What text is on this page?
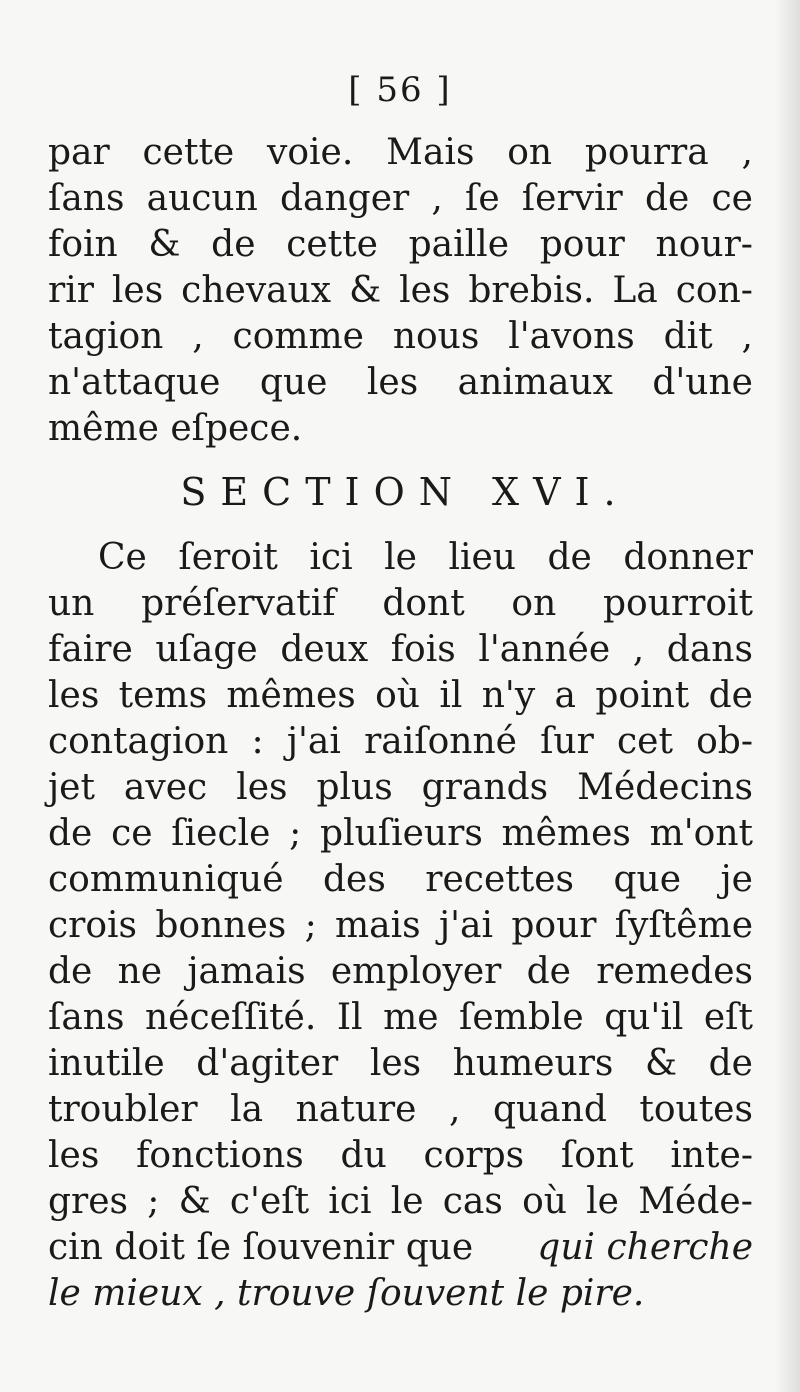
[ 56 ]
par cette voie. Mais on pourra ,
ſans aucun danger , ſe ſervir de ce
foin & de cette paille pour nour-
rir les chevaux & les brebis. La con-
tagion , comme nous l'avons dit ,
n'attaque que les animaux d'une
même eſpece.
SECTION XVI.
Ce ſeroit ici le lieu de donner
un préſervatif dont on pourroit
faire uſage deux fois l'année , dans
les tems mêmes où il n'y a point de
contagion : j'ai raiſonné ſur cet ob-
jet avec les plus grands Médecins
de ce ſiecle ; pluſieurs mêmes m'ont
communiqué des recettes que je
crois bonnes ; mais j'ai pour ſyſtême
de ne jamais employer de remedes
ſans néceſſité. Il me ſemble qu'il eſt
inutile d'agiter les humeurs & de
troubler la nature , quand toutes
les fonctions du corps ſont inte-
gres ; & c'eſt ici le cas où le Méde-
cin doit ſe ſouvenir que qui cherche
le mieux , trouve ſouvent le pire.
